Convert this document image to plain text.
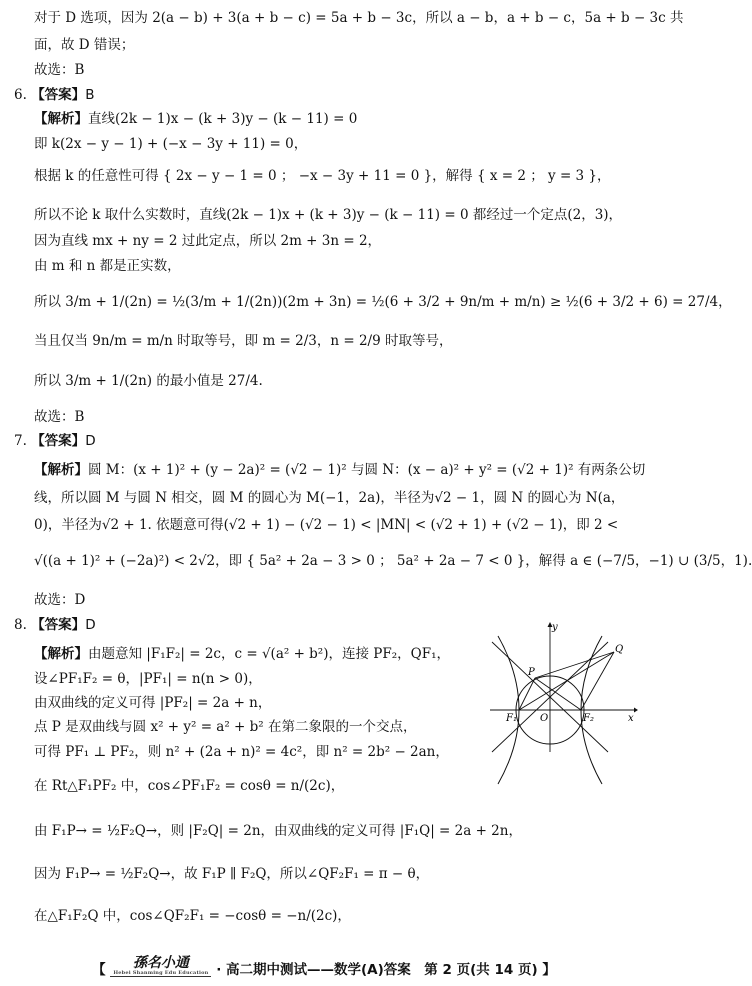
对于 D 选项，因为 2(a − b) + 3(a + b − c) = 5a + b − 3c，所以 a − b，a + b − c，5a + b − 3c 共
面，故 D 错误；
故选：B
6. 【答案】B
【解析】直线(2k − 1)x − (k + 3)y − (k − 11) = 0
即 k(2x − y − 1) + (−x − 3y + 11) = 0，
根据 k 的任意性可得 { 2x − y − 1 = 0 ； −x − 3y + 11 = 0 }，解得 { x = 2 ； y = 3 }，
所以不论 k 取什么实数时，直线(2k − 1)x + (k + 3)y − (k − 11) = 0 都经过一个定点(2，3)，
因为直线 mx + ny = 2 过此定点，所以 2m + 3n = 2，
由 m 和 n 都是正实数，
所以 3/m + 1/(2n) = ½(3/m + 1/(2n))(2m + 3n) = ½(6 + 3/2 + 9n/m + m/n) ≥ ½(6 + 3/2 + 6) = 27/4，
当且仅当 9n/m = m/n 时取等号，即 m = 2/3，n = 2/9 时取等号，
所以 3/m + 1/(2n) 的最小值是 27/4.
故选：B
7. 【答案】D
【解析】圆 M：(x + 1)² + (y − 2a)² = (√2 − 1)² 与圆 N：(x − a)² + y² = (√2 + 1)² 有两条公切
线，所以圆 M 与圆 N 相交，圆 M 的圆心为 M(−1，2a)，半径为√2 − 1，圆 N 的圆心为 N(a，
0)，半径为√2 + 1. 依题意可得(√2 + 1) − (√2 − 1) < |MN| < (√2 + 1) + (√2 − 1)，即 2 <
√((a + 1)² + (−2a)²) < 2√2，即 { 5a² + 2a − 3 > 0 ； 5a² + 2a − 7 < 0 }，解得 a ∈ (−7/5，−1) ∪ (3/5，1).
故选：D
8. 【答案】D
【解析】由题意知 |F₁F₂| = 2c，c = √(a² + b²)，连接 PF₂，QF₁，
设∠PF₁F₂ = θ，|PF₁| = n(n > 0)，
由双曲线的定义可得 |PF₂| = 2a + n，
点 P 是双曲线与圆 x² + y² = a² + b² 在第二象限的一个交点，
可得 PF₁ ⊥ PF₂，则 n² + (2a + n)² = 4c²，即 n² = 2b² − 2an，
在 Rt△F₁PF₂ 中，cos∠PF₁F₂ = cosθ = n/(2c)，
由 F₁P→ = ½F₂Q→，则 |F₂Q| = 2n，由双曲线的定义可得 |F₁Q| = 2a + 2n，
因为 F₁P→ = ½F₂Q→，故 F₁P ∥ F₂Q，所以∠QF₂F₁ = π − θ，
在△F₁F₂Q 中，cos∠QF₂F₁ = −cosθ = −n/(2c)，
y
x
P
Q
O
F₁	F₂
【 孫名小通
Hebei Shanming Edu Education · 高二期中测试——数学(A)答案　第 2 页(共 14 页) 】
